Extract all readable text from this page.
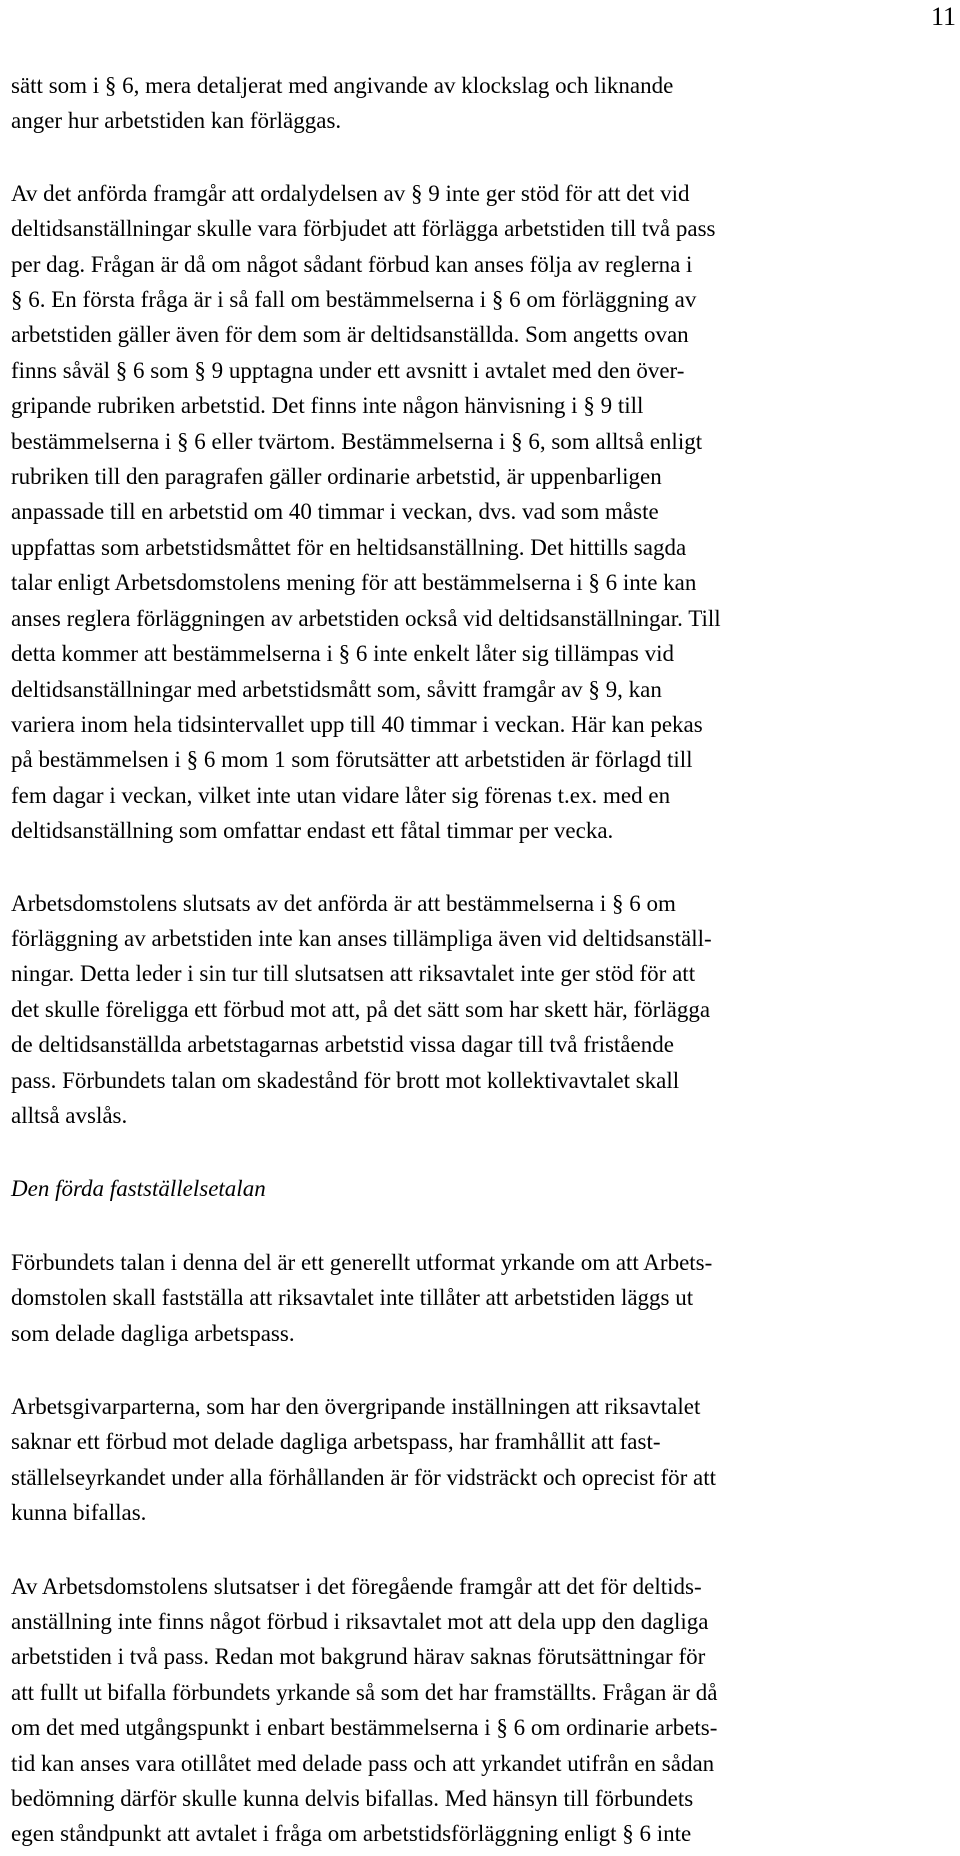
11

sätt som i § 6, mera detaljerat med angivande av klockslag och liknande
anger hur arbetstiden kan förläggas.

Av det anförda framgår att ordalydelsen av § 9 inte ger stöd för att det vid
deltidsanställningar skulle vara förbjudet att förlägga arbetstiden till två pass
per dag. Frågan är då om något sådant förbud kan anses följa av reglerna i
§ 6. En första fråga är i så fall om bestämmelserna i § 6 om förläggning av
arbetstiden gäller även för dem som är deltidsanställda. Som angetts ovan
finns såväl § 6 som § 9 upptagna under ett avsnitt i avtalet med den över-
gripande rubriken arbetstid. Det finns inte någon hänvisning i § 9 till
bestämmelserna i § 6 eller tvärtom. Bestämmelserna i § 6, som alltså enligt
rubriken till den paragrafen gäller ordinarie arbetstid, är uppenbarligen
anpassade till en arbetstid om 40 timmar i veckan, dvs. vad som måste
uppfattas som arbetstidsmåttet för en heltidsanställning. Det hittills sagda
talar enligt Arbetsdomstolens mening för att bestämmelserna i § 6 inte kan
anses reglera förläggningen av arbetstiden också vid deltidsanställningar. Till
detta kommer att bestämmelserna i § 6 inte enkelt låter sig tillämpas vid
deltidsanställningar med arbetstidsmått som, såvitt framgår av § 9, kan
variera inom hela tidsintervallet upp till 40 timmar i veckan. Här kan pekas
på bestämmelsen i § 6 mom 1 som förutsätter att arbetstiden är förlagd till
fem dagar i veckan, vilket inte utan vidare låter sig förenas t.ex. med en
deltidsanställning som omfattar endast ett fåtal timmar per vecka.

Arbetsdomstolens slutsats av det anförda är att bestämmelserna i § 6 om
förläggning av arbetstiden inte kan anses tillämpliga även vid deltidsanställ-
ningar. Detta leder i sin tur till slutsatsen att riksavtalet inte ger stöd för att
det skulle föreligga ett förbud mot att, på det sätt som har skett här, förlägga
de deltidsanställda arbetstagarnas arbetstid vissa dagar till två fristående
pass. Förbundets talan om skadestånd för brott mot kollektivavtalet skall
alltså avslås.

Den förda fastställelsetalan

Förbundets talan i denna del är ett generellt utformat yrkande om att Arbets-
domstolen skall fastställa att riksavtalet inte tillåter att arbetstiden läggs ut
som delade dagliga arbetspass.

Arbetsgivarparterna, som har den övergripande inställningen att riksavtalet
saknar ett förbud mot delade dagliga arbetspass, har framhållit att fast-
ställelseyrkandet under alla förhållanden är för vidsträckt och oprecist för att
kunna bifallas.

Av Arbetsdomstolens slutsatser i det föregående framgår att det för deltids-
anställning inte finns något förbud i riksavtalet mot att dela upp den dagliga
arbetstiden i två pass. Redan mot bakgrund härav saknas förutsättningar för
att fullt ut bifalla förbundets yrkande så som det har framställts. Frågan är då
om det med utgångspunkt i enbart bestämmelserna i § 6 om ordinarie arbets-
tid kan anses vara otillåtet med delade pass och att yrkandet utifrån en sådan
bedömning därför skulle kunna delvis bifallas. Med hänsyn till förbundets
egen ståndpunkt att avtalet i fråga om arbetstidsförläggning enligt § 6 inte
